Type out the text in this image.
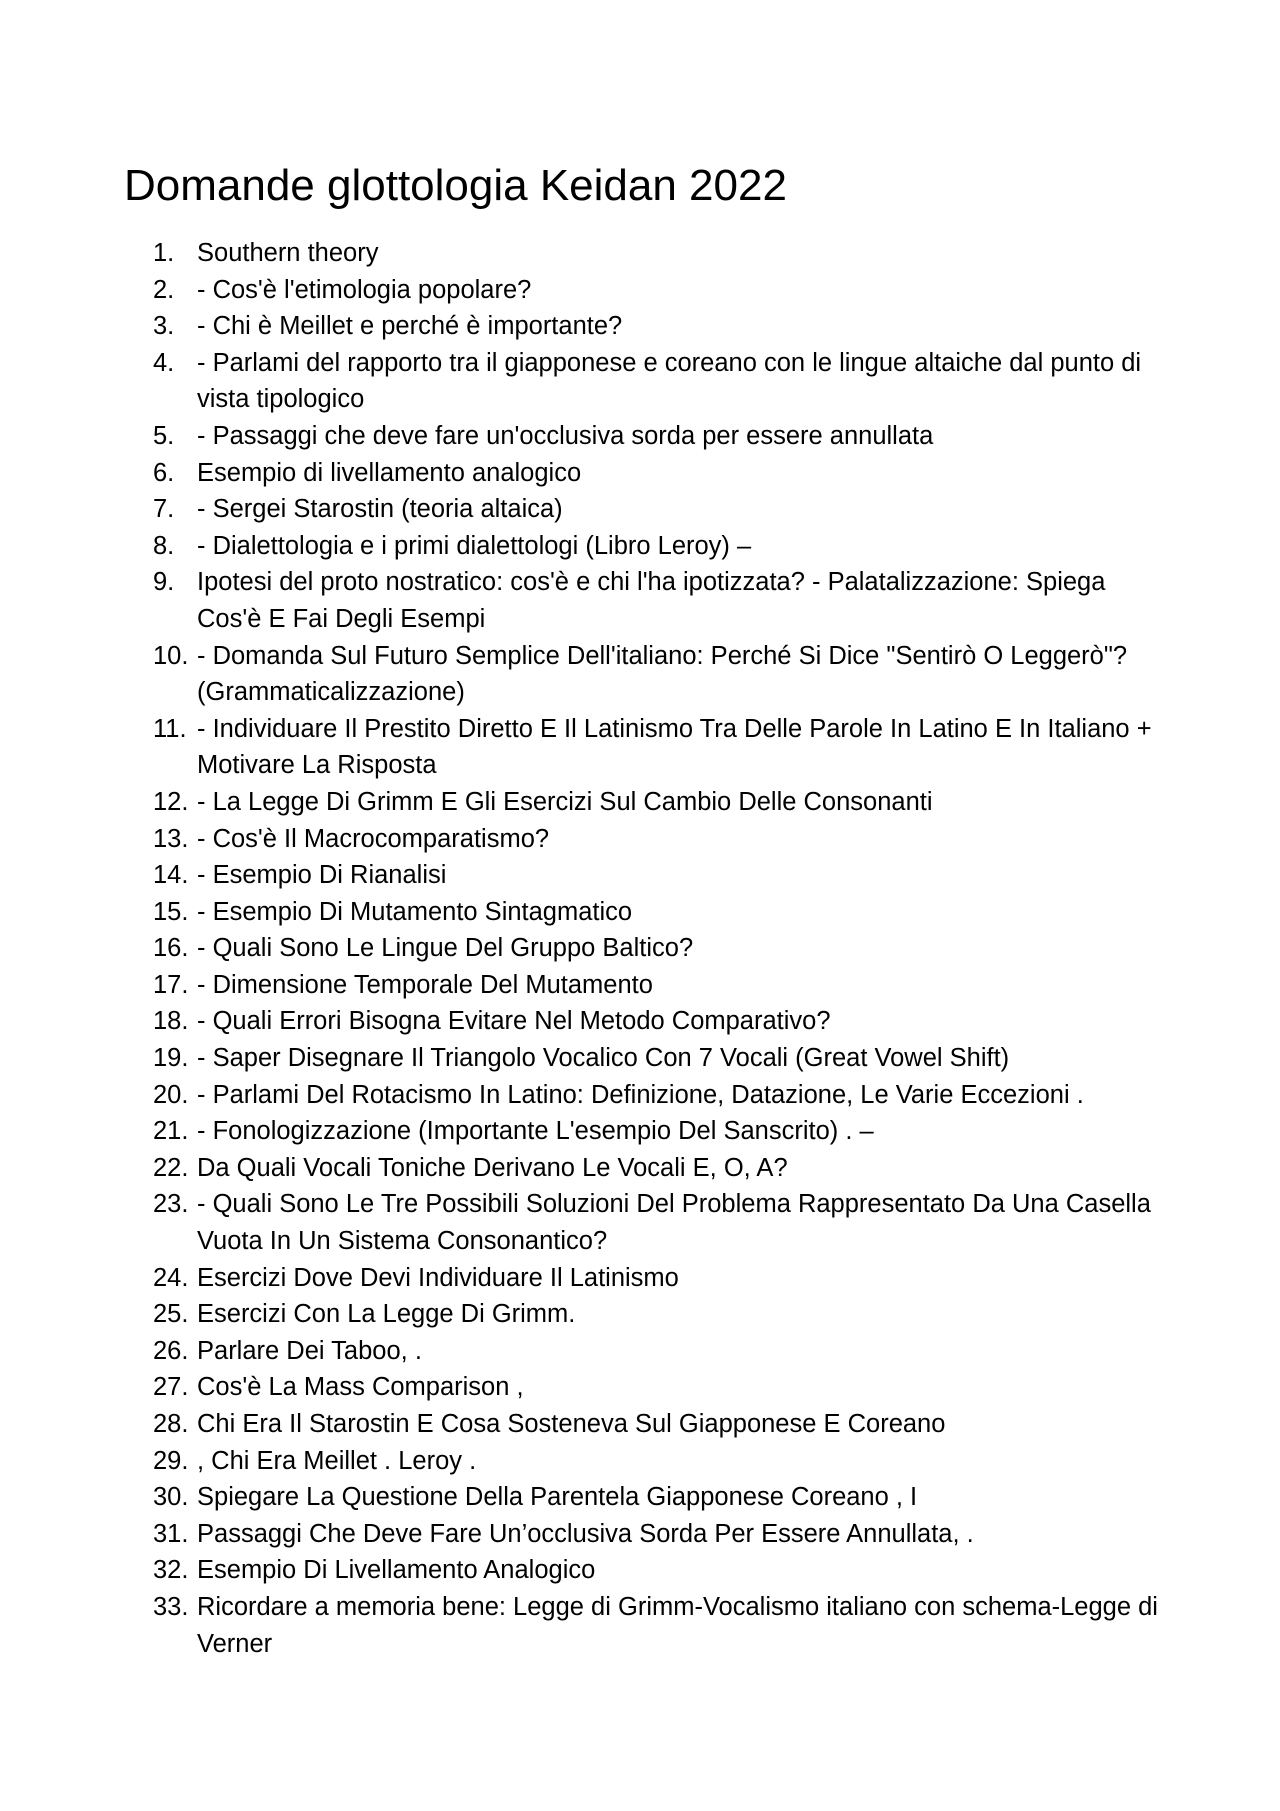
Domande glottologia Keidan 2022
1. Southern theory
2. - Cos'è l'etimologia popolare?
3. - Chi è Meillet e perché è importante?
4. - Parlami del rapporto tra il giapponese e coreano con le lingue altaiche dal punto di vista tipologico
5. - Passaggi che deve fare un'occlusiva sorda per essere annullata
6. Esempio di livellamento analogico
7. - Sergei Starostin (teoria altaica)
8. - Dialettologia e i primi dialettologi (Libro Leroy) –
9. Ipotesi del proto nostratico: cos'è e chi l'ha ipotizzata? - Palatalizzazione: Spiega Cos'è E Fai Degli Esempi
10. - Domanda Sul Futuro Semplice Dell'italiano: Perché Si Dice "Sentirò O Leggerò"? (Grammaticalizzazione)
11. - Individuare Il Prestito Diretto E Il Latinismo Tra Delle Parole In Latino E In Italiano + Motivare La Risposta
12. - La Legge Di Grimm E Gli Esercizi Sul Cambio Delle Consonanti
13. - Cos'è Il Macrocomparatismo?
14. - Esempio Di Rianalisi
15. - Esempio Di Mutamento Sintagmatico
16. - Quali Sono Le Lingue Del Gruppo Baltico?
17. - Dimensione Temporale Del Mutamento
18. - Quali Errori Bisogna Evitare Nel Metodo Comparativo?
19. - Saper Disegnare Il Triangolo Vocalico Con 7 Vocali (Great Vowel Shift)
20. - Parlami Del Rotacismo In Latino: Definizione, Datazione, Le Varie Eccezioni .
21. - Fonologizzazione (Importante L'esempio Del Sanscrito) . –
22. Da Quali Vocali Toniche Derivano Le Vocali E, O, A?
23. - Quali Sono Le Tre Possibili Soluzioni Del Problema Rappresentato Da Una Casella Vuota In Un Sistema Consonantico?
24. Esercizi Dove Devi Individuare Il Latinismo
25. Esercizi Con La Legge Di Grimm.
26. Parlare Dei Taboo, .
27. Cos'è La Mass Comparison ,
28. Chi Era Il Starostin E Cosa Sosteneva Sul Giapponese E Coreano
29. , Chi Era Meillet . Leroy .
30. Spiegare La Questione Della Parentela Giapponese Coreano , I
31. Passaggi Che Deve Fare Un’occlusiva Sorda Per Essere Annullata, .
32. Esempio Di Livellamento Analogico
33. Ricordare a memoria bene: Legge di Grimm-Vocalismo italiano con schema-Legge di Verner
